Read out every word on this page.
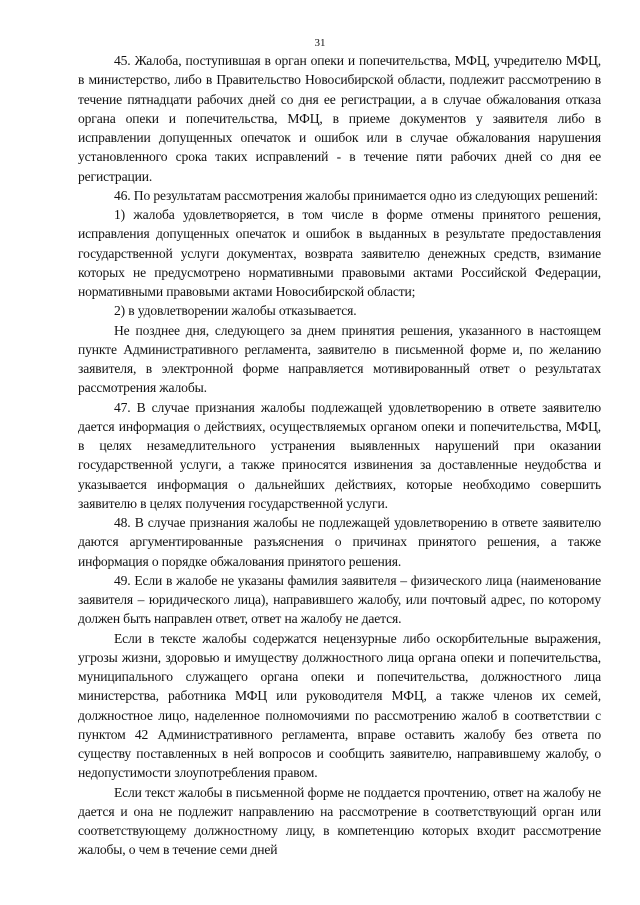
31

45. Жалоба, поступившая в орган опеки и попечительства, МФЦ, учредителю МФЦ, в министерство, либо в Правительство Новосибирской области, подлежит рассмотрению в течение пятнадцати рабочих дней со дня ее регистрации, а в случае обжалования отказа органа опеки и попечительства, МФЦ, в приеме документов у заявителя либо в исправлении допущенных опечаток и ошибок или в случае обжалования нарушения установленного срока таких исправлений - в течение пяти рабочих дней со дня ее регистрации.

46. По результатам рассмотрения жалобы принимается одно из следующих решений:

1) жалоба удовлетворяется, в том числе в форме отмены принятого решения, исправления допущенных опечаток и ошибок в выданных в результате предоставления государственной услуги документах, возврата заявителю денежных средств, взимание которых не предусмотрено нормативными правовыми актами Российской Федерации, нормативными правовыми актами Новосибирской области;

2) в удовлетворении жалобы отказывается.

Не позднее дня, следующего за днем принятия решения, указанного в настоящем пункте Административного регламента, заявителю в письменной форме и, по желанию заявителя, в электронной форме направляется мотивированный ответ о результатах рассмотрения жалобы.

47. В случае признания жалобы подлежащей удовлетворению в ответе заявителю дается информация о действиях, осуществляемых органом опеки и попечительства, МФЦ, в целях незамедлительного устранения выявленных нарушений при оказании государственной услуги, а также приносятся извинения за доставленные неудобства и указывается информация о дальнейших действиях, которые необходимо совершить заявителю в целях получения государственной услуги.

48. В случае признания жалобы не подлежащей удовлетворению в ответе заявителю даются аргументированные разъяснения о причинах принятого решения, а также информация о порядке обжалования принятого решения.

49. Если в жалобе не указаны фамилия заявителя – физического лица (наименование заявителя – юридического лица), направившего жалобу, или почтовый адрес, по которому должен быть направлен ответ, ответ на жалобу не дается.

Если в тексте жалобы содержатся нецензурные либо оскорбительные выражения, угрозы жизни, здоровью и имуществу должностного лица органа опеки и попечительства, муниципального служащего органа опеки и попечительства, должностного лица министерства, работника МФЦ или руководителя МФЦ, а также членов их семей, должностное лицо, наделенное полномочиями по рассмотрению жалоб в соответствии с пунктом 42 Административного регламента, вправе оставить жалобу без ответа по существу поставленных в ней вопросов и сообщить заявителю, направившему жалобу, о недопустимости злоупотребления правом.

Если текст жалобы в письменной форме не поддается прочтению, ответ на жалобу не дается и она не подлежит направлению на рассмотрение в соответствующий орган или соответствующему должностному лицу, в компетенцию которых входит рассмотрение жалобы, о чем в течение семи дней
